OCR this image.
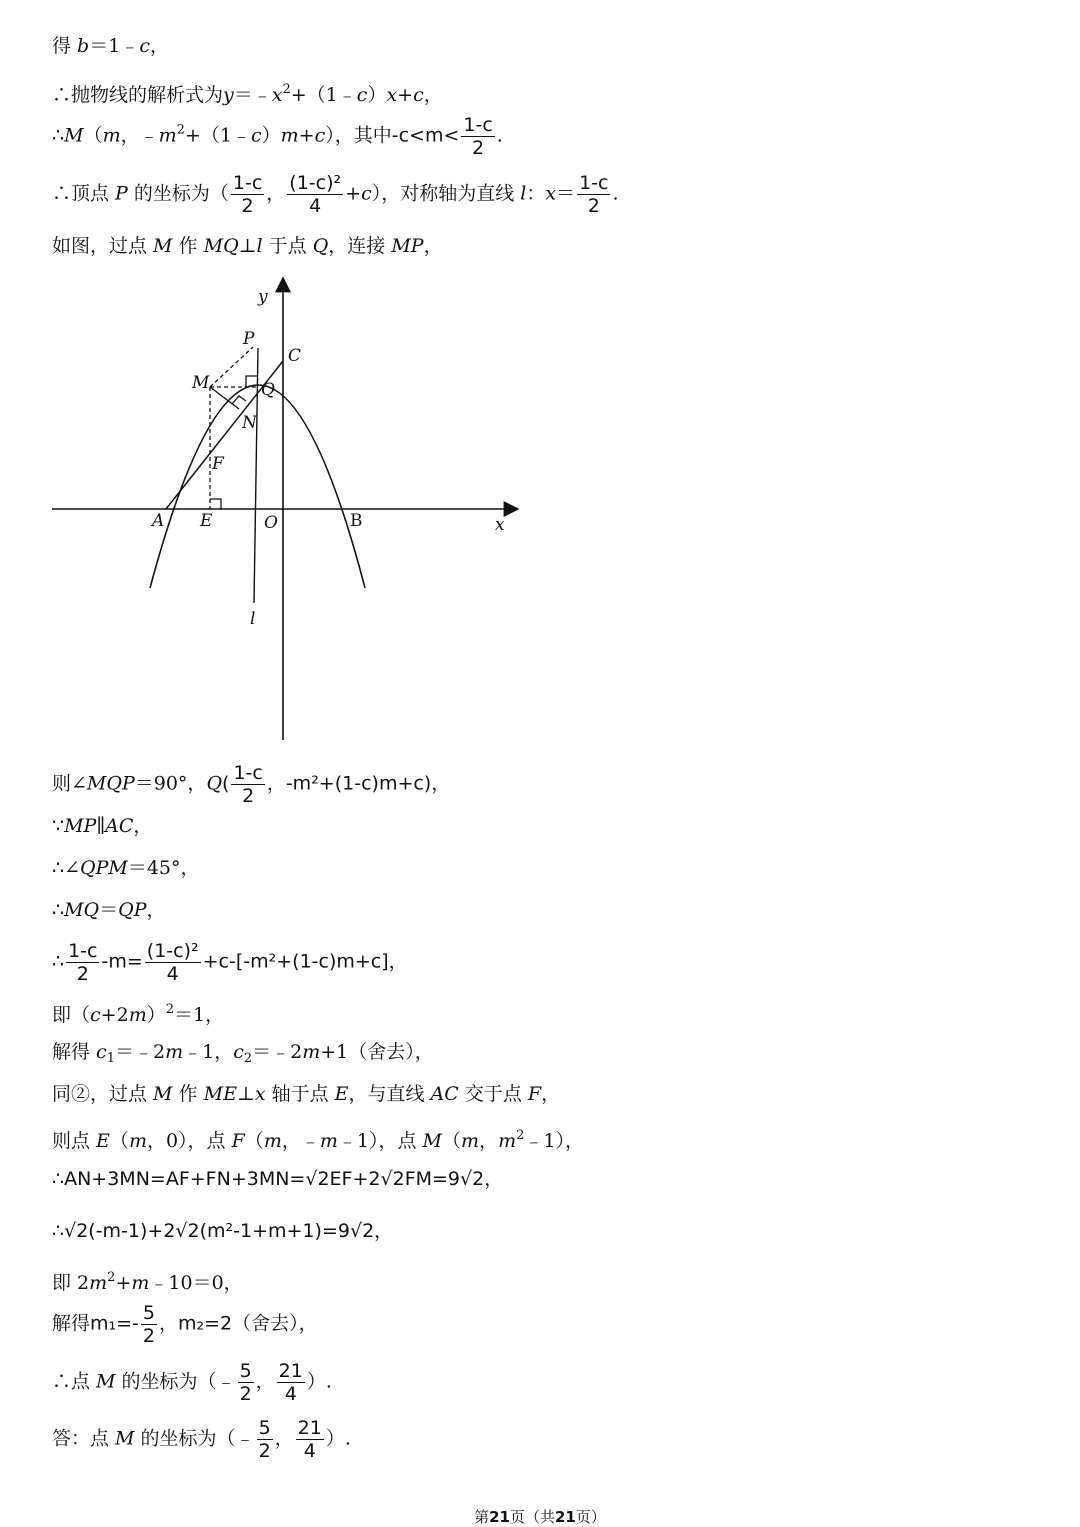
得 b＝1﹣c，
∴抛物线的解析式为$y=﹣x^2+(1﹣c)x+c$，
∴M（m，$﹣m^2+(1﹣c)m+c$），其中$-c<m< \frac{1-c}{2}$ .
∴顶点 P 的坐标为（ $\frac{1-c}{2}$ ， $\frac{\text{(1-c)²}}{4} +c$），对称轴为直线 l：$x= \frac{1-c}{2}$ .
如图，过点 M 作 MQ⊥l 于点 Q，连接 MP，
y
x
P
C
M	Q
N
F
A E	O	B
l
则∠MQP＝90°，$Q( \frac{1-c}{2}$ ，-m²+(1-c)m+c)，
∵MP∥AC，
∴∠QPM＝45°，
∴MQ＝QP，
∴ $\frac{1-c}{2} -m= \frac{\text{(1-c)²}}{4} +c-[-m^2+(1-c)m+c]$，
即$(c+2m)^2=1$，
解得 $c_1=﹣2m﹣1$，$c_2=﹣2m+1$（舍去），
同②，过点 M 作 ME⊥x 轴于点 E，与直线 AC 交于点 F，
则点 E（m，0），点 F（m，﹣m﹣1），点 M（m，$m^2﹣1$），
∴AN+3MN=AF+FN+3MN=√2EF+2√2FM=9√2，
∴√2(-m-1)+2√2(m²-1+m+1)=9√2，
即 $2m^2+m﹣10=0$，
解得$m_1=- \frac{5}{2}$ ，m₂=2（舍去），
∴点 M 的坐标为（﹣ $\frac{5}{2}$ ， $\frac{21}{4}$ ）.
答：点 M 的坐标为（﹣ $\frac{5}{2}$ ， $\frac{21}{4}$ ）.
第21页（共21页）
